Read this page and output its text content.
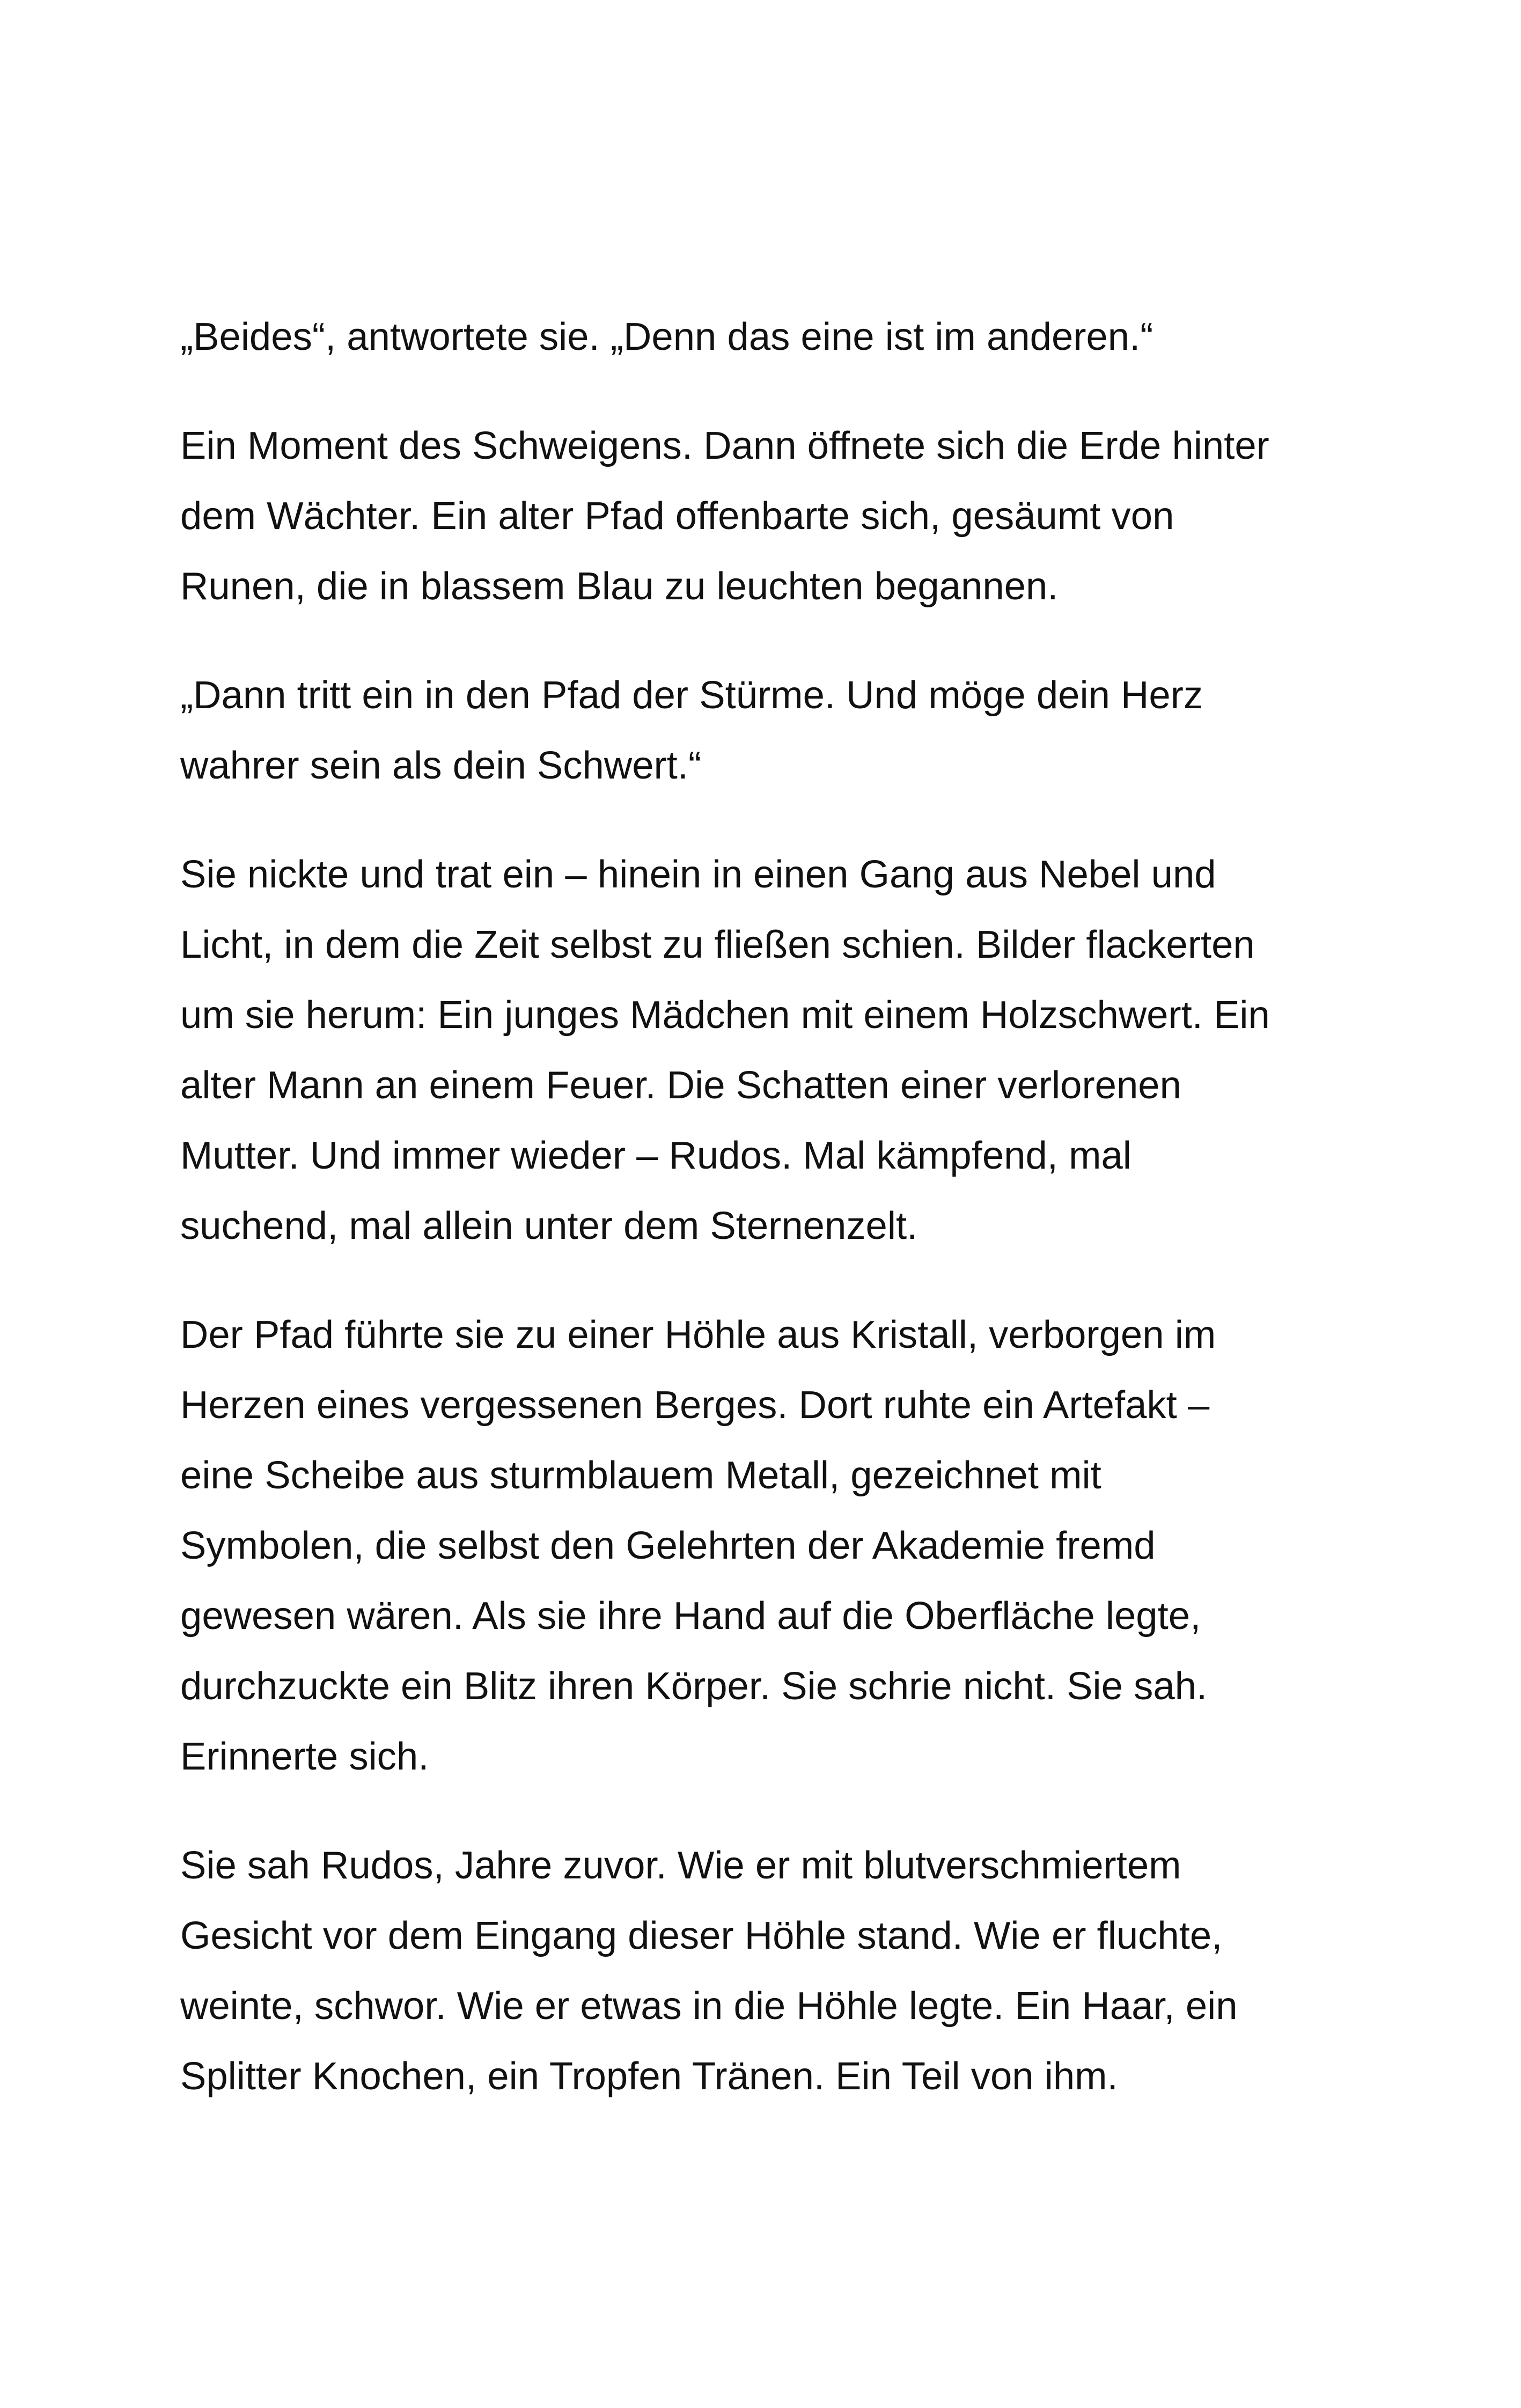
„Beides“, antwortete sie. „Denn das eine ist im anderen.“

Ein Moment des Schweigens. Dann öffnete sich die Erde hinter
dem Wächter. Ein alter Pfad offenbarte sich, gesäumt von
Runen, die in blassem Blau zu leuchten begannen.

„Dann tritt ein in den Pfad der Stürme. Und möge dein Herz
wahrer sein als dein Schwert.“

Sie nickte und trat ein – hinein in einen Gang aus Nebel und
Licht, in dem die Zeit selbst zu fließen schien. Bilder flackerten
um sie herum: Ein junges Mädchen mit einem Holzschwert. Ein
alter Mann an einem Feuer. Die Schatten einer verlorenen
Mutter. Und immer wieder – Rudos. Mal kämpfend, mal
suchend, mal allein unter dem Sternenzelt.

Der Pfad führte sie zu einer Höhle aus Kristall, verborgen im
Herzen eines vergessenen Berges. Dort ruhte ein Artefakt –
eine Scheibe aus sturmblauem Metall, gezeichnet mit
Symbolen, die selbst den Gelehrten der Akademie fremd
gewesen wären. Als sie ihre Hand auf die Oberfläche legte,
durchzuckte ein Blitz ihren Körper. Sie schrie nicht. Sie sah.
Erinnerte sich.

Sie sah Rudos, Jahre zuvor. Wie er mit blutverschmiertem
Gesicht vor dem Eingang dieser Höhle stand. Wie er fluchte,
weinte, schwor. Wie er etwas in die Höhle legte. Ein Haar, ein
Splitter Knochen, ein Tropfen Tränen. Ein Teil von ihm.
